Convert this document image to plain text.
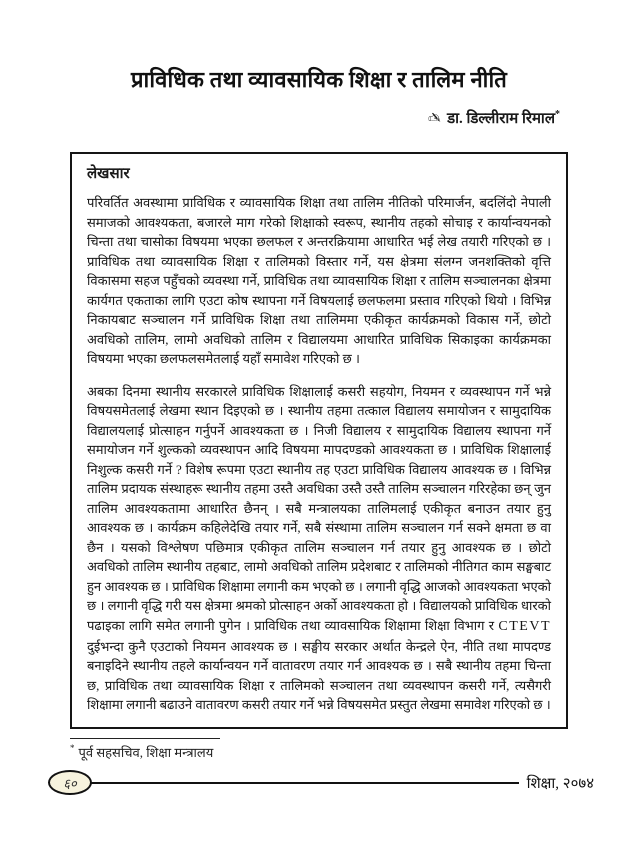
प्राविधिक तथा व्यावसायिक शिक्षा र तालिम नीति
✍ डा. डिल्लीराम रिमाल*
लेखसार

परिवर्तित अवस्थामा प्राविधिक र व्यावसायिक शिक्षा तथा तालिम नीतिको परिमार्जन, बदलिंदो नेपाली समाजको आवश्यकता, बजारले माग गरेको शिक्षाको स्वरूप, स्थानीय तहको सोचाइ र कार्यान्वयनको चिन्ता तथा चासोका विषयमा भएका छलफल र अन्तरक्रियामा आधारित भई लेख तयारी गरिएको छ । प्राविधिक तथा व्यावसायिक शिक्षा र तालिमको विस्तार गर्ने, यस क्षेत्रमा संलग्न जनशक्तिको वृत्ति विकासमा सहज पहुँचको व्यवस्था गर्ने, प्राविधिक तथा व्यावसायिक शिक्षा र तालिम सञ्चालनका क्षेत्रमा कार्यगत एकताका लागि एउटा कोष स्थापना गर्ने विषयलाई छलफलमा प्रस्ताव गरिएको थियो । विभिन्न निकायबाट सञ्चालन गर्ने प्राविधिक शिक्षा तथा तालिममा एकीकृत कार्यक्रमको विकास गर्ने, छोटो अवधिको तालिम, लामो अवधिको तालिम र विद्यालयमा आधारित प्राविधिक सिकाइका कार्यक्रमका विषयमा भएका छलफलसमेतलाई यहाँ समावेश गरिएको छ ।

अबका दिनमा स्थानीय सरकारले प्राविधिक शिक्षालाई कसरी सहयोग, नियमन र व्यवस्थापन गर्ने भन्ने विषयसमेतलाई लेखमा स्थान दिइएको छ । स्थानीय तहमा तत्काल विद्यालय समायोजन र सामुदायिक विद्यालयलाई प्रोत्साहन गर्नुपर्ने आवश्यकता छ । निजी विद्यालय र सामुदायिक विद्यालय स्थापना गर्ने समायोजन गर्ने शुल्कको व्यवस्थापन आदि विषयमा मापदण्डको आवश्यकता छ । प्राविधिक शिक्षालाई निशुल्क कसरी गर्ने ? विशेष रूपमा एउटा स्थानीय तह एउटा प्राविधिक विद्यालय आवश्यक छ । विभिन्न तालिम प्रदायक संस्थाहरू स्थानीय तहमा उस्तै अवधिका उस्तै उस्तै तालिम सञ्चालन गरिरहेका छन् जुन तालिम आवश्यकतामा आधारित छैनन् । सबै मन्त्रालयका तालिमलाई एकीकृत बनाउन तयार हुनु आवश्यक छ । कार्यक्रम कहिलेदेखि तयार गर्ने, सबै संस्थामा तालिम सञ्चालन गर्न सक्ने क्षमता छ वा छैन । यसको विश्लेषण पछिमात्र एकीकृत तालिम सञ्चालन गर्न तयार हुनु आवश्यक छ । छोटो अवधिको तालिम स्थानीय तहबाट, लामो अवधिको तालिम प्रदेशबाट र तालिमको नीतिगत काम सङ्घबाट हुन आवश्यक छ । प्राविधिक शिक्षामा लगानी कम भएको छ । लगानी वृद्धि आजको आवश्यकता भएको छ । लगानी वृद्धि गरी यस क्षेत्रमा श्रमको प्रोत्साहन अर्को आवश्यकता हो । विद्यालयको प्राविधिक धारको पढाइका लागि समेत लगानी पुगेन । प्राविधिक तथा व्यावसायिक शिक्षामा शिक्षा विभाग र CTEVT दुईभन्दा कुनै एउटाको नियमन आवश्यक छ । सङ्घीय सरकार अर्थात केन्द्रले ऐन, नीति तथा मापदण्ड बनाइदिने स्थानीय तहले कार्यान्वयन गर्ने वातावरण तयार गर्न आवश्यक छ । सबै स्थानीय तहमा चिन्ता छ, प्राविधिक तथा व्यावसायिक शिक्षा र तालिमको सञ्चालन तथा व्यवस्थापन कसरी गर्ने, त्यसैगरी शिक्षामा लगानी बढाउने वातावरण कसरी तयार गर्ने भन्ने विषयसमेत प्रस्तुत लेखमा समावेश गरिएको छ ।

* पूर्व सहसचिव, शिक्षा मन्त्रालय
६०	शिक्षा, २०७४
